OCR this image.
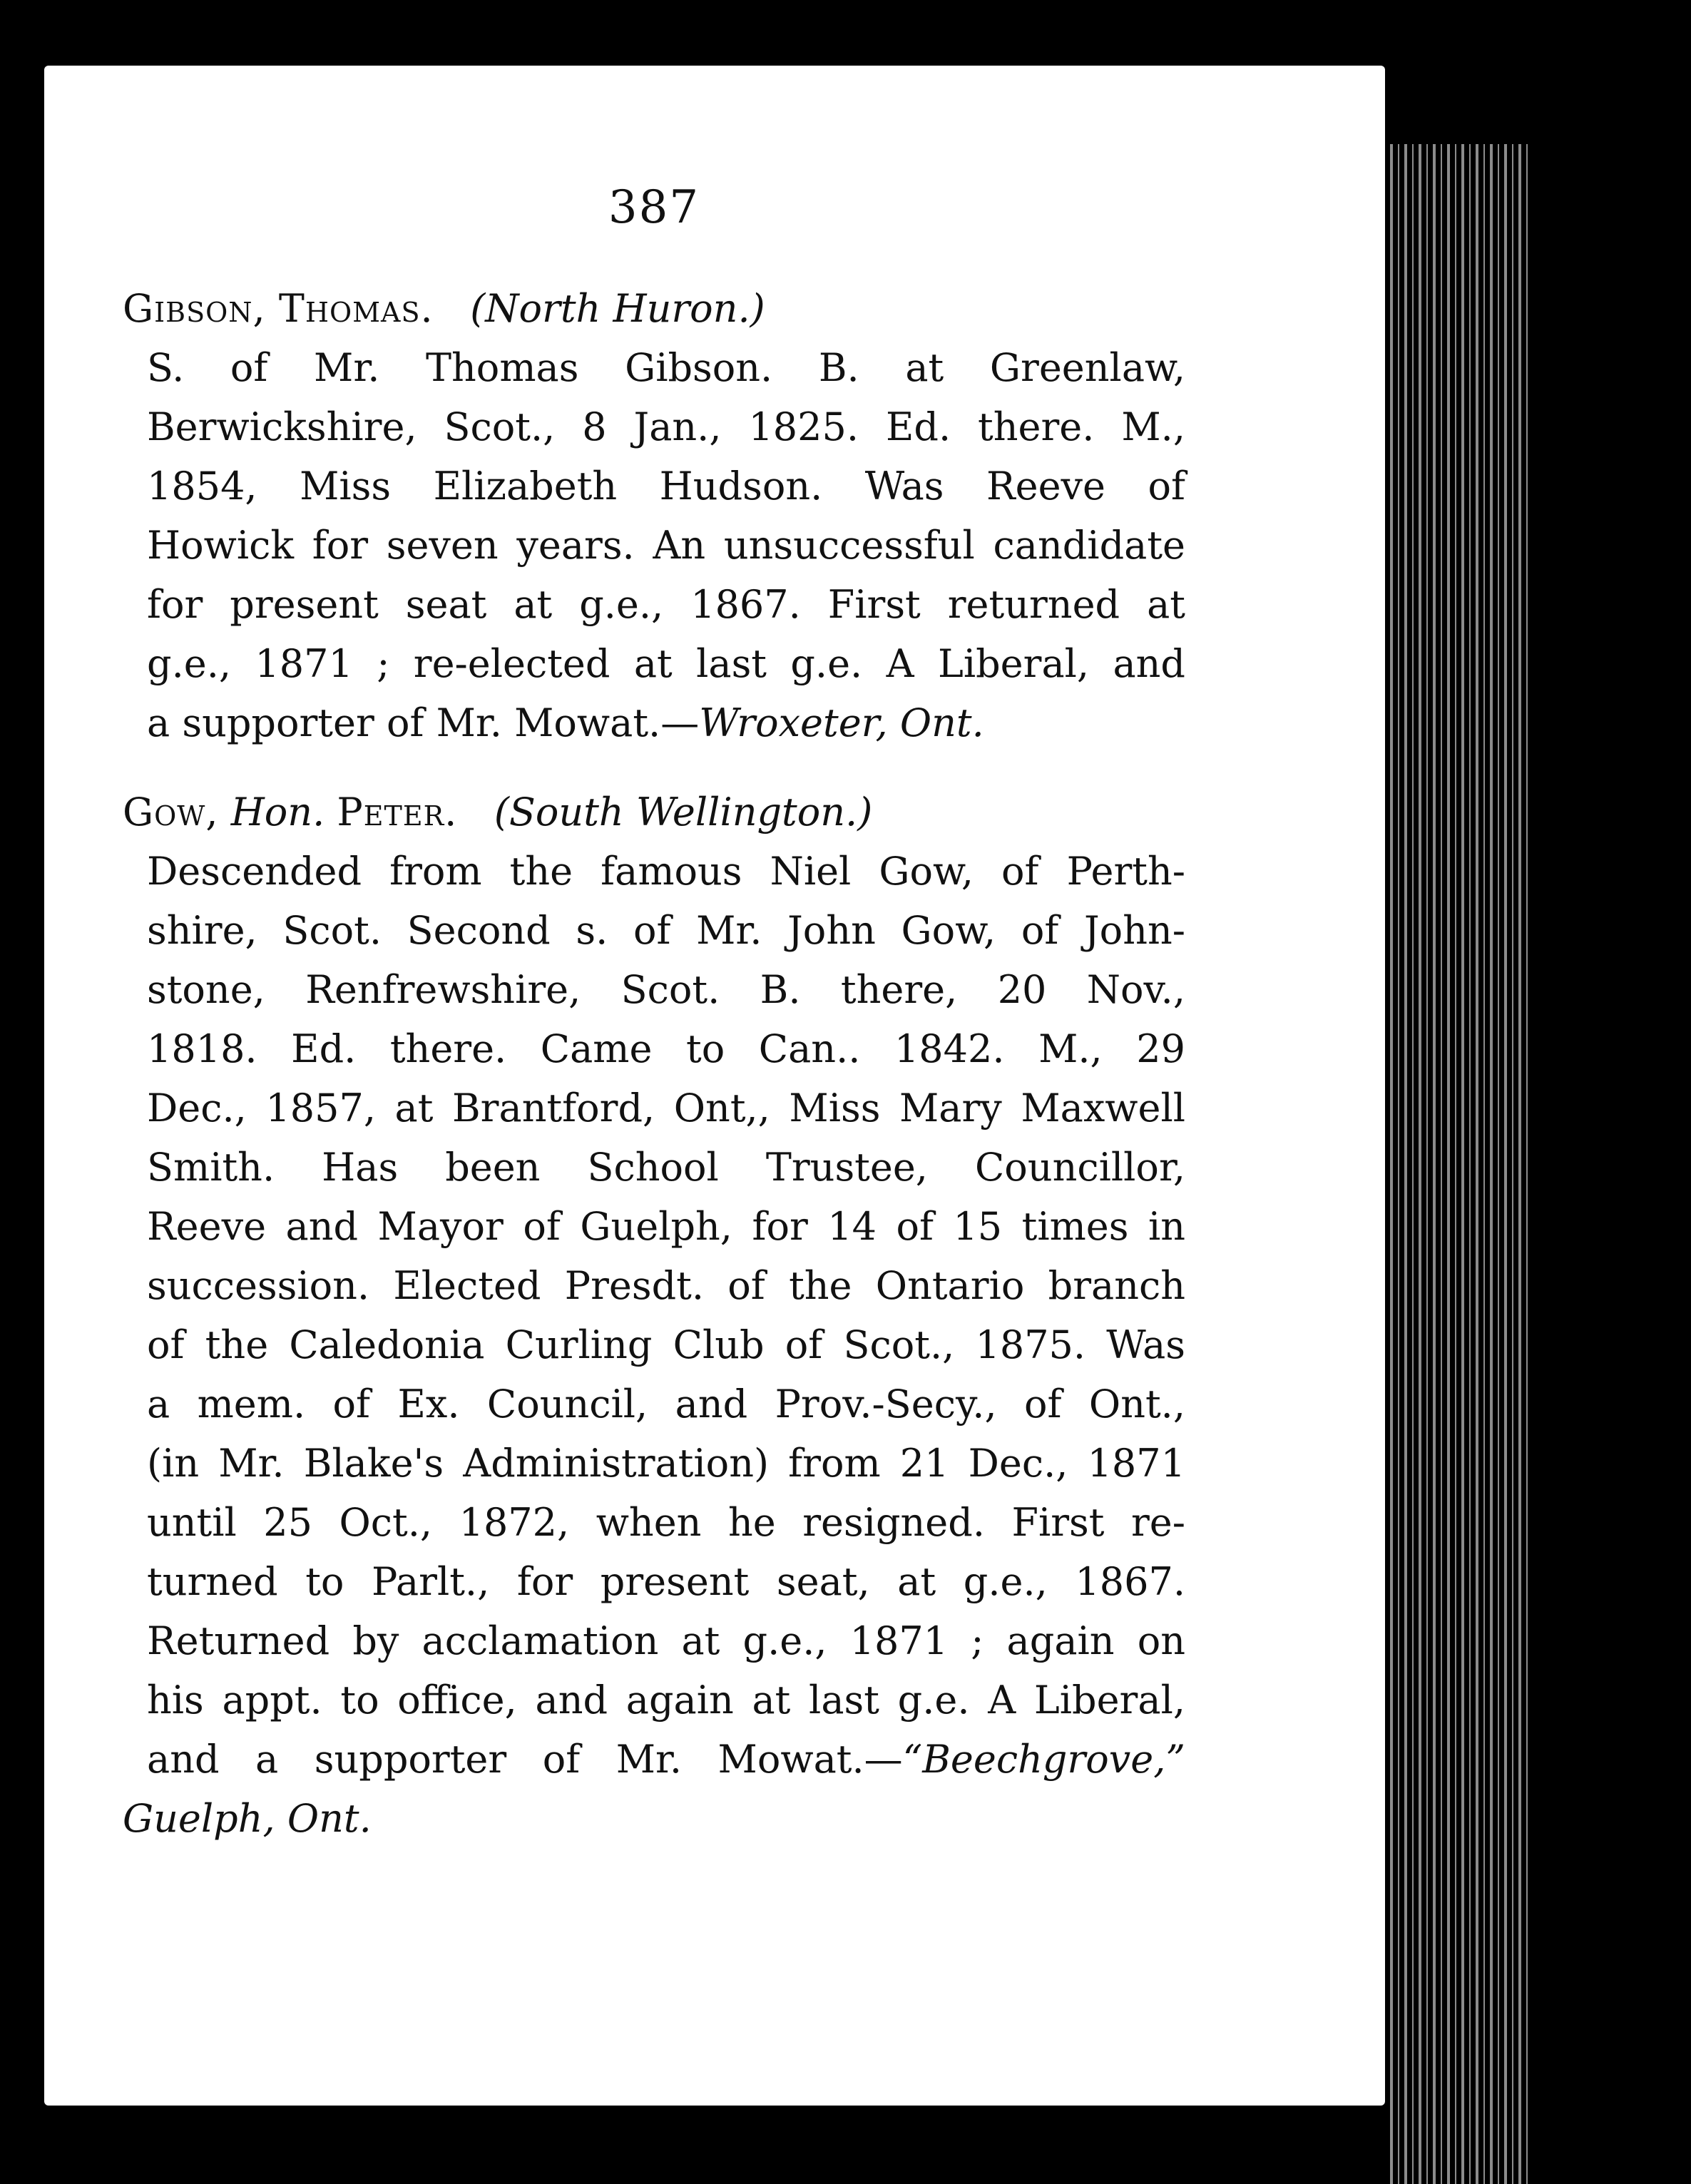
387

Gibson, Thomas. (North Huron.)

S. of Mr. Thomas Gibson. B. at Greenlaw,
Berwickshire, Scot., 8 Jan., 1825. Ed. there. M.,
1854, Miss Elizabeth Hudson. Was Reeve of
Howick for seven years. An unsuccessful candidate
for present seat at g.e., 1867. First returned at
g.e., 1871 ; re-elected at last g.e. A Liberal, and
a supporter of Mr. Mowat.—Wroxeter, Ont.

Gow, Hon. Peter. (South Wellington.)

Descended from the famous Niel Gow, of Perth-
shire, Scot. Second s. of Mr. John Gow, of John-
stone, Renfrewshire, Scot. B. there, 20 Nov.,
1818. Ed. there. Came to Can.. 1842. M., 29
Dec., 1857, at Brantford, Ont,, Miss Mary Maxwell
Smith. Has been School Trustee, Councillor,
Reeve and Mayor of Guelph, for 14 of 15 times in
succession. Elected Presdt. of the Ontario branch
of the Caledonia Curling Club of Scot., 1875. Was
a mem. of Ex. Council, and Prov.-Secy., of Ont.,
(in Mr. Blake's Administration) from 21 Dec., 1871
until 25 Oct., 1872, when he resigned. First re-
turned to Parlt., for present seat, at g.e., 1867.
Returned by acclamation at g.e., 1871 ; again on
his appt. to office, and again at last g.e. A Liberal,
and a supporter of Mr. Mowat.—“Beechgrove,”
Guelph, Ont.
